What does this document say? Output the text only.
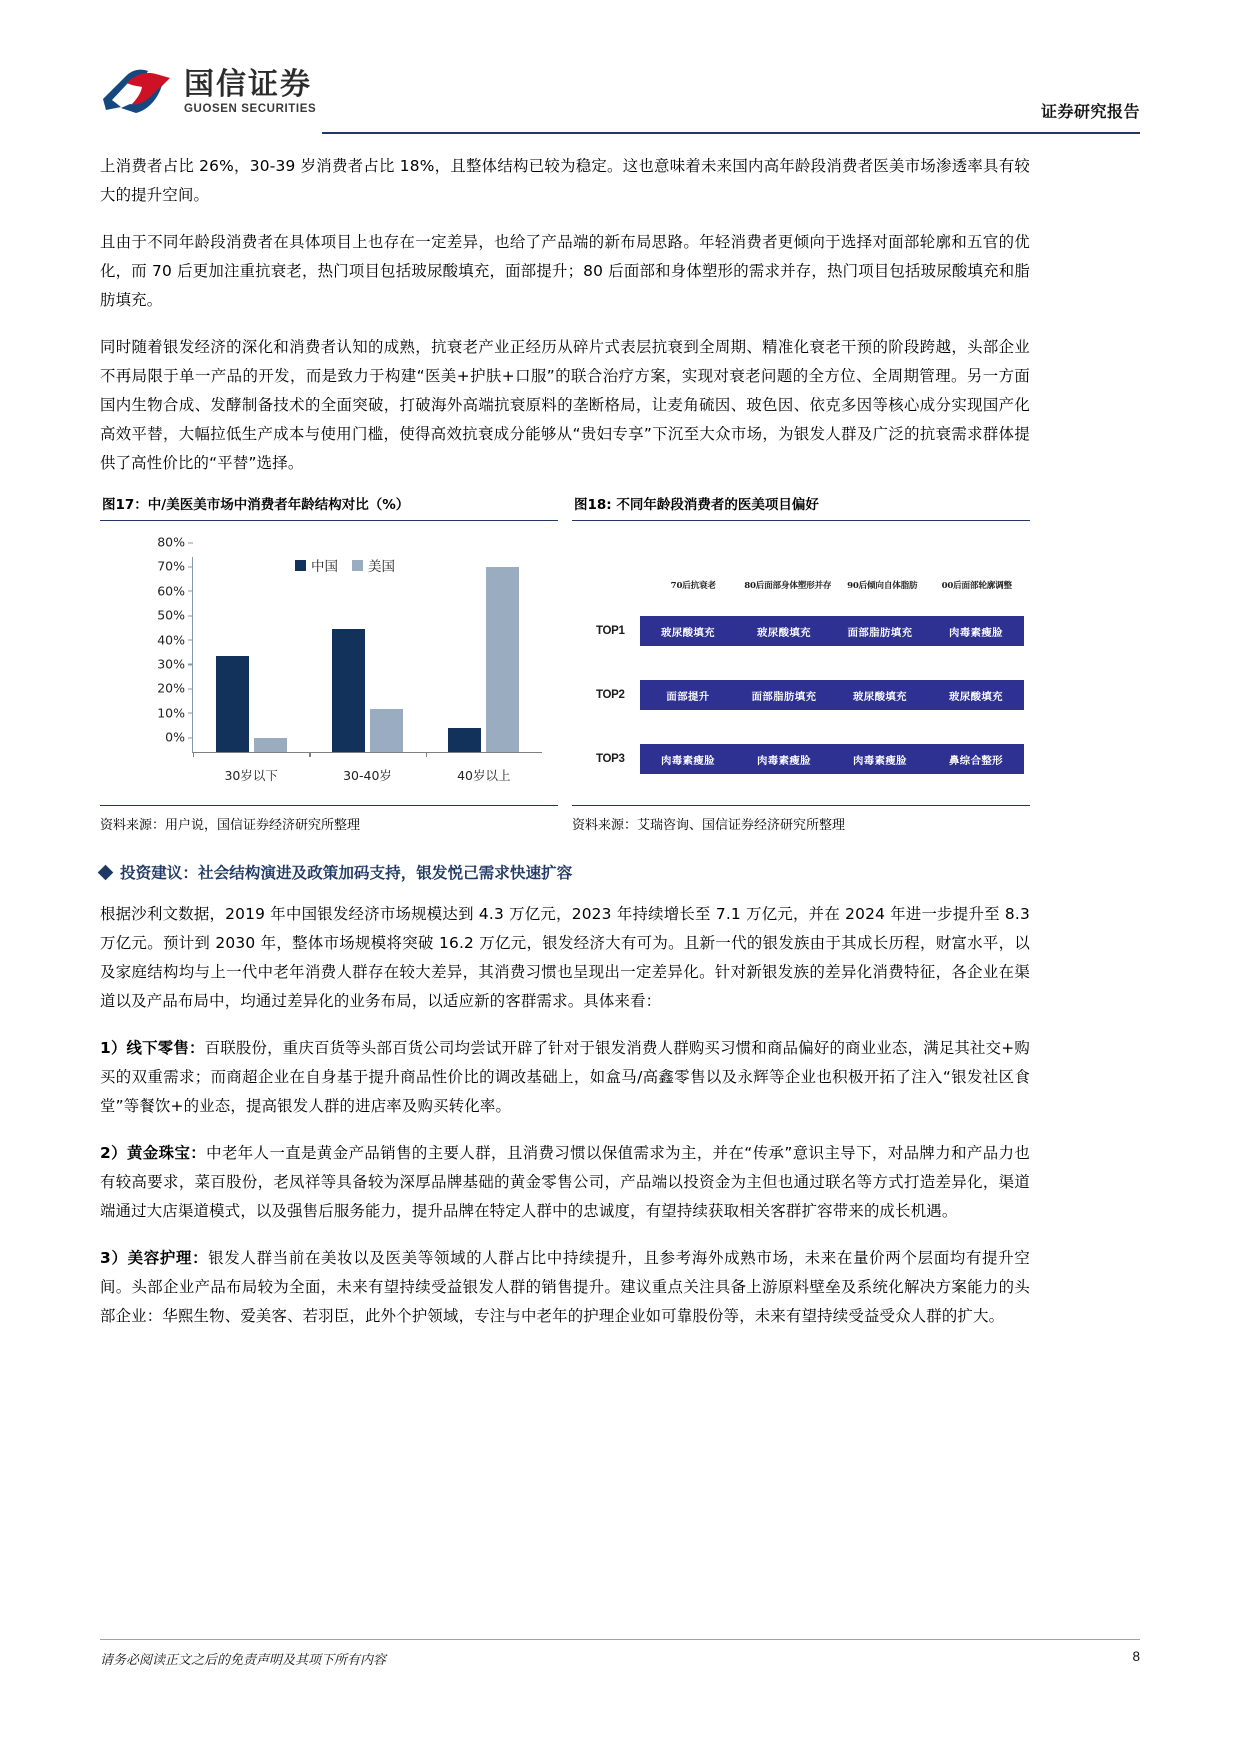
国信证券
GUOSEN SECURITIES	证券研究报告

上消费者占比 26%，30-39 岁消费者占比 18%，且整体结构已较为稳定。这也意味着未来国内高年龄段消费者医美市场渗透率具有较大的提升空间。

且由于不同年龄段消费者在具体项目上也存在一定差异，也给了产品端的新布局思路。年轻消费者更倾向于选择对面部轮廓和五官的优化，而 70 后更加注重抗衰老，热门项目包括玻尿酸填充，面部提升；80 后面部和身体塑形的需求并存，热门项目包括玻尿酸填充和脂肪填充。

同时随着银发经济的深化和消费者认知的成熟，抗衰老产业正经历从碎片式表层抗衰到全周期、精准化衰老干预的阶段跨越，头部企业不再局限于单一产品的开发，而是致力于构建“医美+护肤+口服”的联合治疗方案，实现对衰老问题的全方位、全周期管理。另一方面国内生物合成、发酵制备技术的全面突破，打破海外高端抗衰原料的垄断格局，让麦角硫因、玻色因、依克多因等核心成分实现国产化高效平替，大幅拉低生产成本与使用门槛，使得高效抗衰成分能够从“贵妇专享”下沉至大众市场，为银发人群及广泛的抗衰需求群体提供了高性价比的“平替”选择。

图17：中/美医美市场中消费者年龄结构对比（%）
中国 美国
30岁以下	30-40岁	40岁以上
0%
10%
20%
30%
40%
50%
60%
70%
80%
资料来源：用户说，国信证券经济研究所整理
图18: 不同年龄段消费者的医美项目偏好
70后抗衰老	80后面部身体塑形并存	90后倾向自体脂肪	00后面部轮廓调整
TOP1	玻尿酸填充	玻尿酸填充	面部脂肪填充	肉毒素瘦脸
TOP2	面部提升	面部脂肪填充	玻尿酸填充	玻尿酸填充
TOP3	肉毒素瘦脸	肉毒素瘦脸	肉毒素瘦脸	鼻综合整形
资料来源：艾瑞咨询、国信证券经济研究所整理
投资建议：社会结构演进及政策加码支持，银发悦己需求快速扩容

根据沙利文数据，2019 年中国银发经济市场规模达到 4.3 万亿元，2023 年持续增长至 7.1 万亿元，并在 2024 年进一步提升至 8.3 万亿元。预计到 2030 年，整体市场规模将突破 16.2 万亿元，银发经济大有可为。且新一代的银发族由于其成长历程，财富水平，以及家庭结构均与上一代中老年消费人群存在较大差异，其消费习惯也呈现出一定差异化。针对新银发族的差异化消费特征，各企业在渠道以及产品布局中，均通过差异化的业务布局，以适应新的客群需求。具体来看：

1）线下零售：百联股份，重庆百货等头部百货公司均尝试开辟了针对于银发消费人群购买习惯和商品偏好的商业业态，满足其社交+购买的双重需求；而商超企业在自身基于提升商品性价比的调改基础上，如盒马/高鑫零售以及永辉等企业也积极开拓了注入“银发社区食堂”等餐饮+的业态，提高银发人群的进店率及购买转化率。

2）黄金珠宝：中老年人一直是黄金产品销售的主要人群，且消费习惯以保值需求为主，并在“传承”意识主导下，对品牌力和产品力也有较高要求，菜百股份，老凤祥等具备较为深厚品牌基础的黄金零售公司，产品端以投资金为主但也通过联名等方式打造差异化，渠道端通过大店渠道模式，以及强售后服务能力，提升品牌在特定人群中的忠诚度，有望持续获取相关客群扩容带来的成长机遇。

3）美容护理：银发人群当前在美妆以及医美等领域的人群占比中持续提升，且参考海外成熟市场，未来在量价两个层面均有提升空间。头部企业产品布局较为全面，未来有望持续受益银发人群的销售提升。建议重点关注具备上游原料壁垒及系统化解决方案能力的头部企业：华熙生物、爱美客、若羽臣，此外个护领域，专注与中老年的护理企业如可靠股份等，未来有望持续受益受众人群的扩大。

请务必阅读正文之后的免责声明及其项下所有内容	8
